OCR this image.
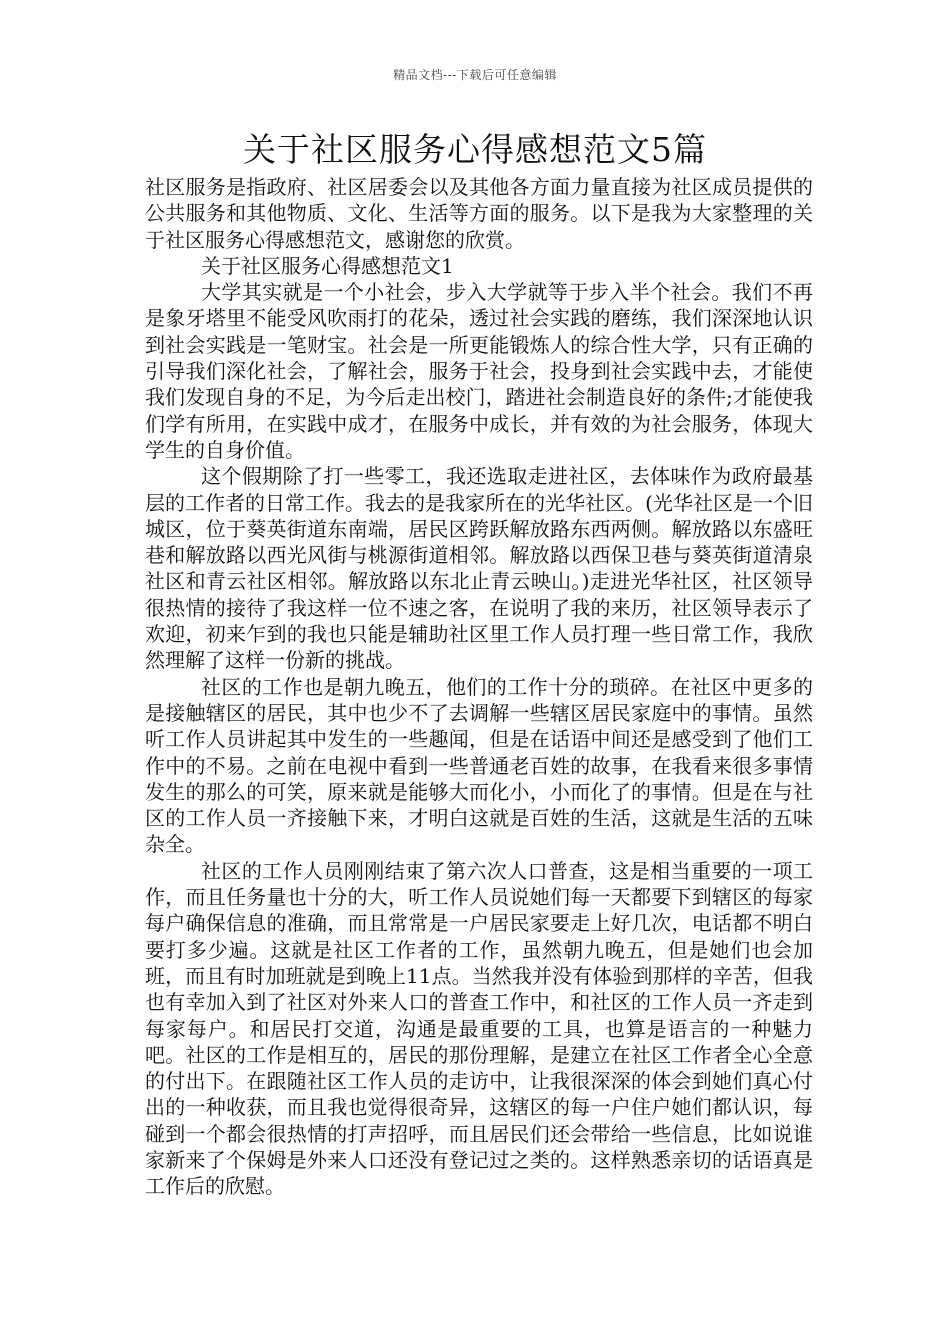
精品文档---下载后可任意编辑
关于社区服务心得感想范文5篇

社区服务是指政府、社区居委会以及其他各方面力量直接为社区成员提供的公共服务和其他物质、文化、生活等方面的服务。以下是我为大家整理的关于社区服务心得感想范文，感谢您的欣赏。

关于社区服务心得感想范文1

大学其实就是一个小社会，步入大学就等于步入半个社会。我们不再是象牙塔里不能受风吹雨打的花朵，透过社会实践的磨练，我们深深地认识到社会实践是一笔财宝。社会是一所更能锻炼人的综合性大学，只有正确的引导我们深化社会，了解社会，服务于社会，投身到社会实践中去，才能使我们发现自身的不足，为今后走出校门，踏进社会制造良好的条件;才能使我们学有所用，在实践中成才，在服务中成长，并有效的为社会服务，体现大学生的自身价值。

这个假期除了打一些零工，我还选取走进社区，去体味作为政府最基层的工作者的日常工作。我去的是我家所在的光华社区。(光华社区是一个旧城区，位于葵英街道东南端，居民区跨跃解放路东西两侧。解放路以东盛旺巷和解放路以西光风街与桃源街道相邻。解放路以西保卫巷与葵英街道清泉社区和青云社区相邻。解放路以东北止青云映山。)走进光华社区，社区领导很热情的接待了我这样一位不速之客，在说明了我的来历，社区领导表示了欢迎，初来乍到的我也只能是辅助社区里工作人员打理一些日常工作，我欣然理解了这样一份新的挑战。

社区的工作也是朝九晚五，他们的工作十分的琐碎。在社区中更多的是接触辖区的居民，其中也少不了去调解一些辖区居民家庭中的事情。虽然听工作人员讲起其中发生的一些趣闻，但是在话语中间还是感受到了他们工作中的不易。之前在电视中看到一些普通老百姓的故事，在我看来很多事情发生的那么的可笑，原来就是能够大而化小，小而化了的事情。但是在与社区的工作人员一齐接触下来，才明白这就是百姓的生活，这就是生活的五味杂全。

社区的工作人员刚刚结束了第六次人口普查，这是相当重要的一项工作，而且任务量也十分的大，听工作人员说她们每一天都要下到辖区的每家每户确保信息的准确，而且常常是一户居民家要走上好几次，电话都不明白要打多少遍。这就是社区工作者的工作，虽然朝九晚五，但是她们也会加班，而且有时加班就是到晚上11点。当然我并没有体验到那样的辛苦，但我也有幸加入到了社区对外来人口的普查工作中，和社区的工作人员一齐走到每家每户。和居民打交道，沟通是最重要的工具，也算是语言的一种魅力吧。社区的工作是相互的，居民的那份理解，是建立在社区工作者全心全意的付出下。在跟随社区工作人员的走访中，让我很深深的体会到她们真心付出的一种收获，而且我也觉得很奇异，这辖区的每一户住户她们都认识，每碰到一个都会很热情的打声招呼，而且居民们还会带给一些信息，比如说谁家新来了个保姆是外来人口还没有登记过之类的。这样熟悉亲切的话语真是工作后的欣慰。
